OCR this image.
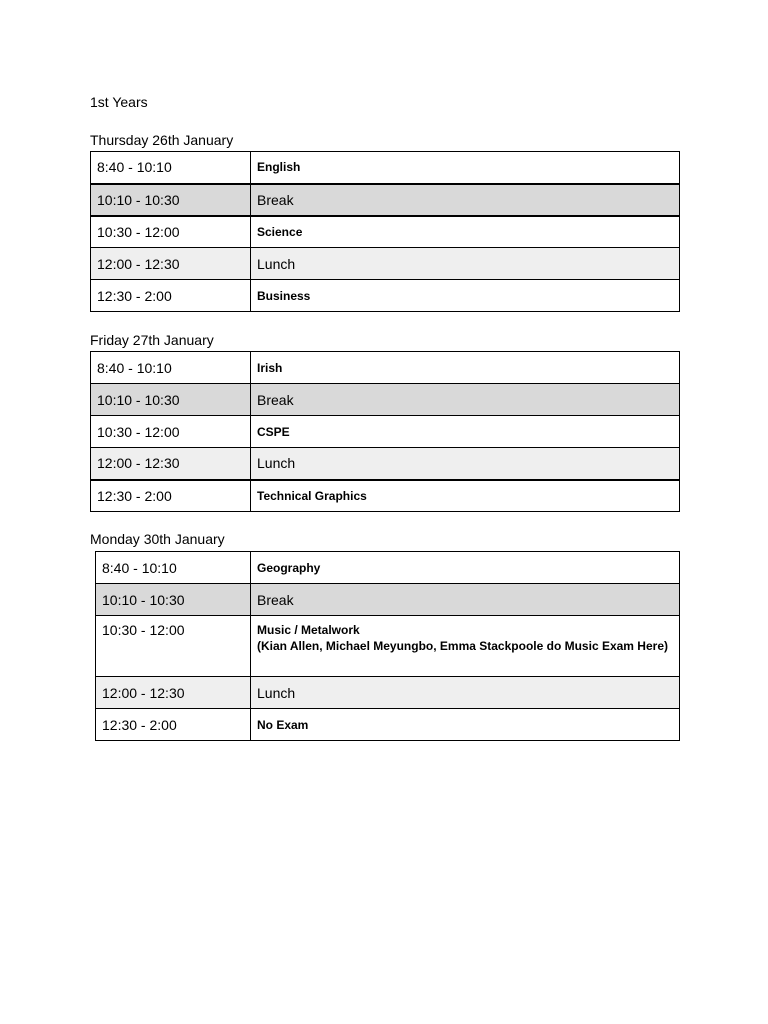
1st Years
Thursday 26th January
8:40 - 10:10	English
10:10 - 10:30	Break
10:30 - 12:00	Science
12:00 - 12:30	Lunch
12:30 - 2:00	Business
Friday 27th January
8:40 - 10:10	Irish
10:10 - 10:30	Break
10:30 - 12:00	CSPE
12:00 - 12:30	Lunch
12:30 - 2:00	Technical Graphics
Monday 30th January
8:40 - 10:10	Geography
10:10 - 10:30	Break
10:30 - 12:00	Music / Metalwork
(Kian Allen, Michael Meyungbo, Emma Stackpoole do Music Exam Here)

12:00 - 12:30	Lunch
12:30 - 2:00	No Exam
